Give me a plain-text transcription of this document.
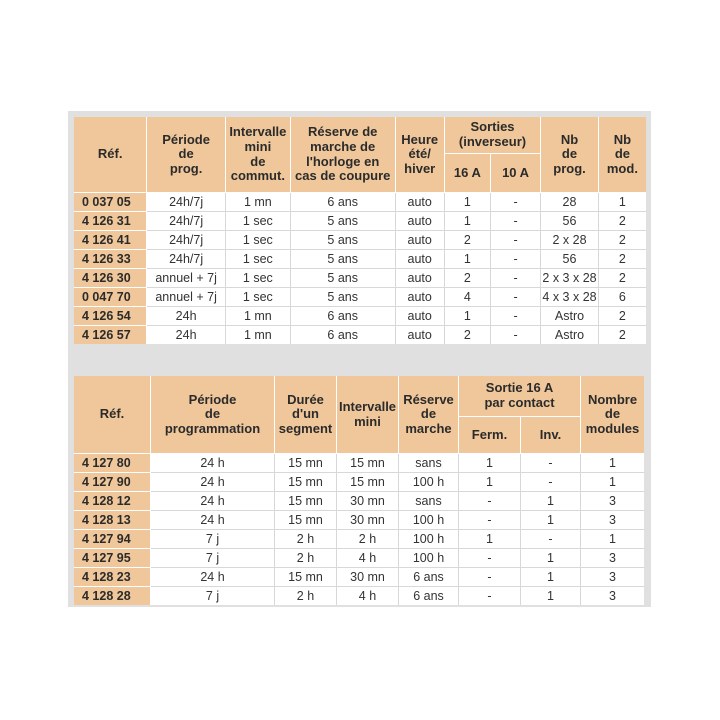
Réf.	Période
de
prog.	Intervalle
mini
de
commut.	Réserve de
marche de
l'horloge en
cas de coupure	Heure
été/
hiver	Sorties
(inverseur)		Nb
de
prog.	Nb
de
mod.
					16 A	10 A		
0 037 05	24h/7j	1 mn	6 ans	auto	1	-	28	1
4 126 31	24h/7j	1 sec	5 ans	auto	1	-	56	2
4 126 41	24h/7j	1 sec	5 ans	auto	2	-	2 x 28	2
4 126 33	24h/7j	1 sec	5 ans	auto	1	-	56	2
4 126 30	annuel + 7j	1 sec	5 ans	auto	2	-	2 x 3 x 28	2
0 047 70	annuel + 7j	1 sec	5 ans	auto	4	-	4 x 3 x 28	6
4 126 54	24h	1 mn	6 ans	auto	1	-	Astro	2
4 126 57	24h	1 mn	6 ans	auto	2	-	Astro	2
Réf.	Période
de
programmation	Durée
d'un
segment	Intervalle
mini	Réserve
de
marche	Sortie 16 A
par contact		Nombre
de
modules
					Ferm.	Inv.	
4 127 80	24 h	15 mn	15 mn	sans	1	-	1
4 127 90	24 h	15 mn	15 mn	100 h	1	-	1
4 128 12	24 h	15 mn	30 mn	sans	-	1	3
4 128 13	24 h	15 mn	30 mn	100 h	-	1	3
4 127 94	7 j	2 h	2 h	100 h	1	-	1
4 127 95	7 j	2 h	4 h	100 h	-	1	3
4 128 23	24 h	15 mn	30 mn	6 ans	-	1	3
4 128 28	7 j	2 h	4 h	6 ans	-	1	3
